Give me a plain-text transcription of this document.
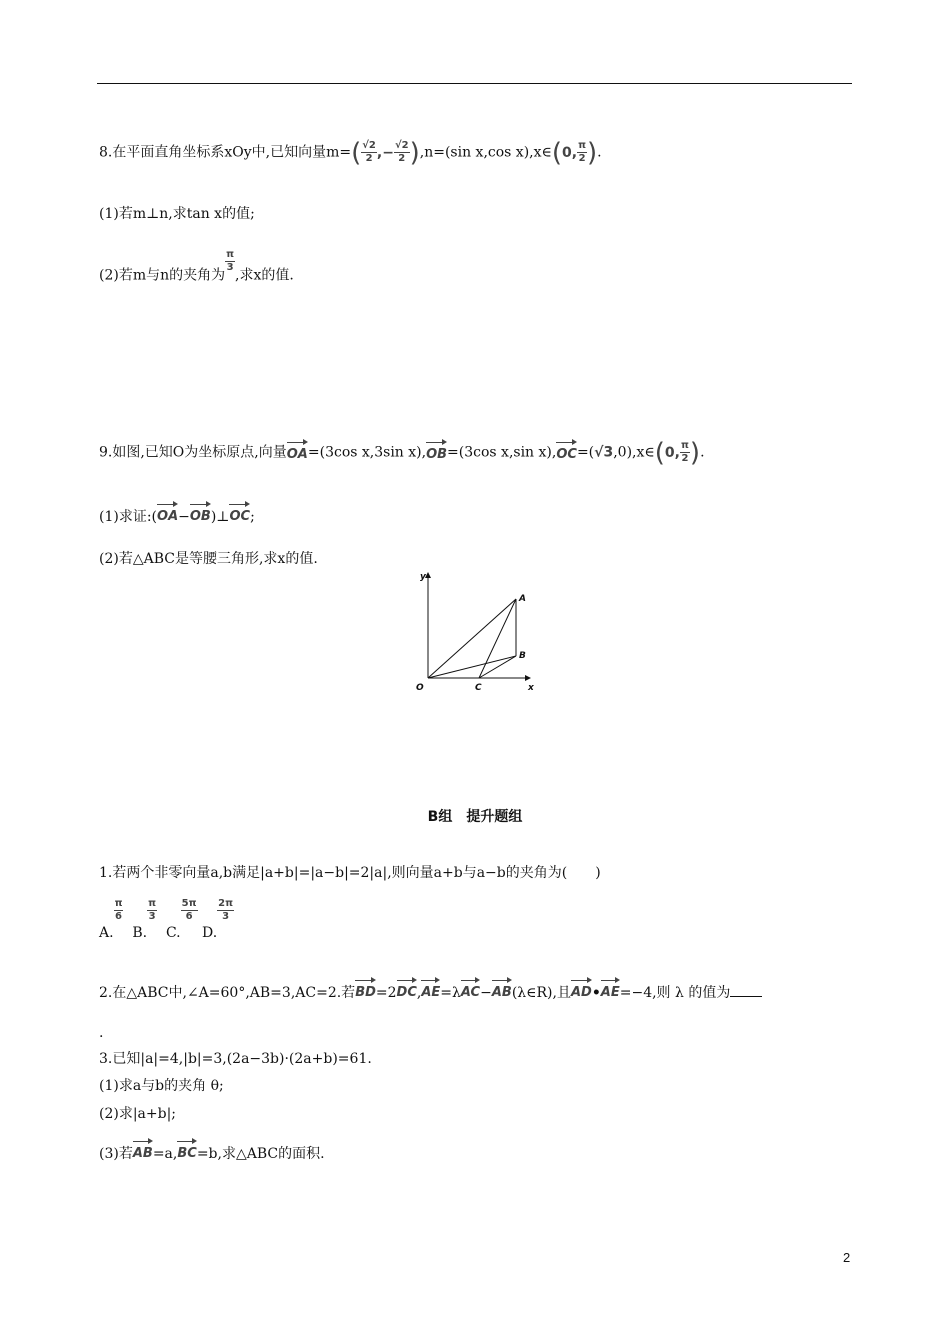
8.在平面直角坐标系xOy中,已知向量$m=( \frac{√2}{2}$ ,− $\frac{√2}{2} ),n=(\sin$ x,cos x),x∈(0, $\frac{\pi}{2}$ ).
(1)若m⊥n,求tan x的值;
(2)若m与n的夹角为
$\frac{\pi}{3}$
,求x的值.
9.如图,已知O为坐标原点,向量OA=(3cos x,3sin x),OB=(3cos x,sin x),OC=(√3,0),x∈(0, $\frac{\pi}{2}$ ).
(1)求证:(OA−OB)⊥OC;
(2)若△ABC是等腰三角形,求x的值.
y
x
O
A
B
C
B组　提升题组
1.若两个非零向量a,b满足|a+b|=|a−b|=2|a|,则向量a+b与a−b的夹角为(　　)
A.
$\frac{\pi}{6}$
B.
$\frac{\pi}{3}$
C.
$\frac{5\pi}{6}$
D.
$\frac{2\pi}{3}$
2.在△ABC中,∠A=60°,AB=3,AC=2.若BD=2DC,AE=λAC−AB(λ∈R),且AD•AE=−4,则 λ 的值为
.
3.已知|a|=4,|b|=3,(2a−3b)·(2a+b)=61.
(1)求a与b的夹角 θ;
(2)求|a+b|;
(3)若AB=a,BC=b,求△ABC的面积.
2
